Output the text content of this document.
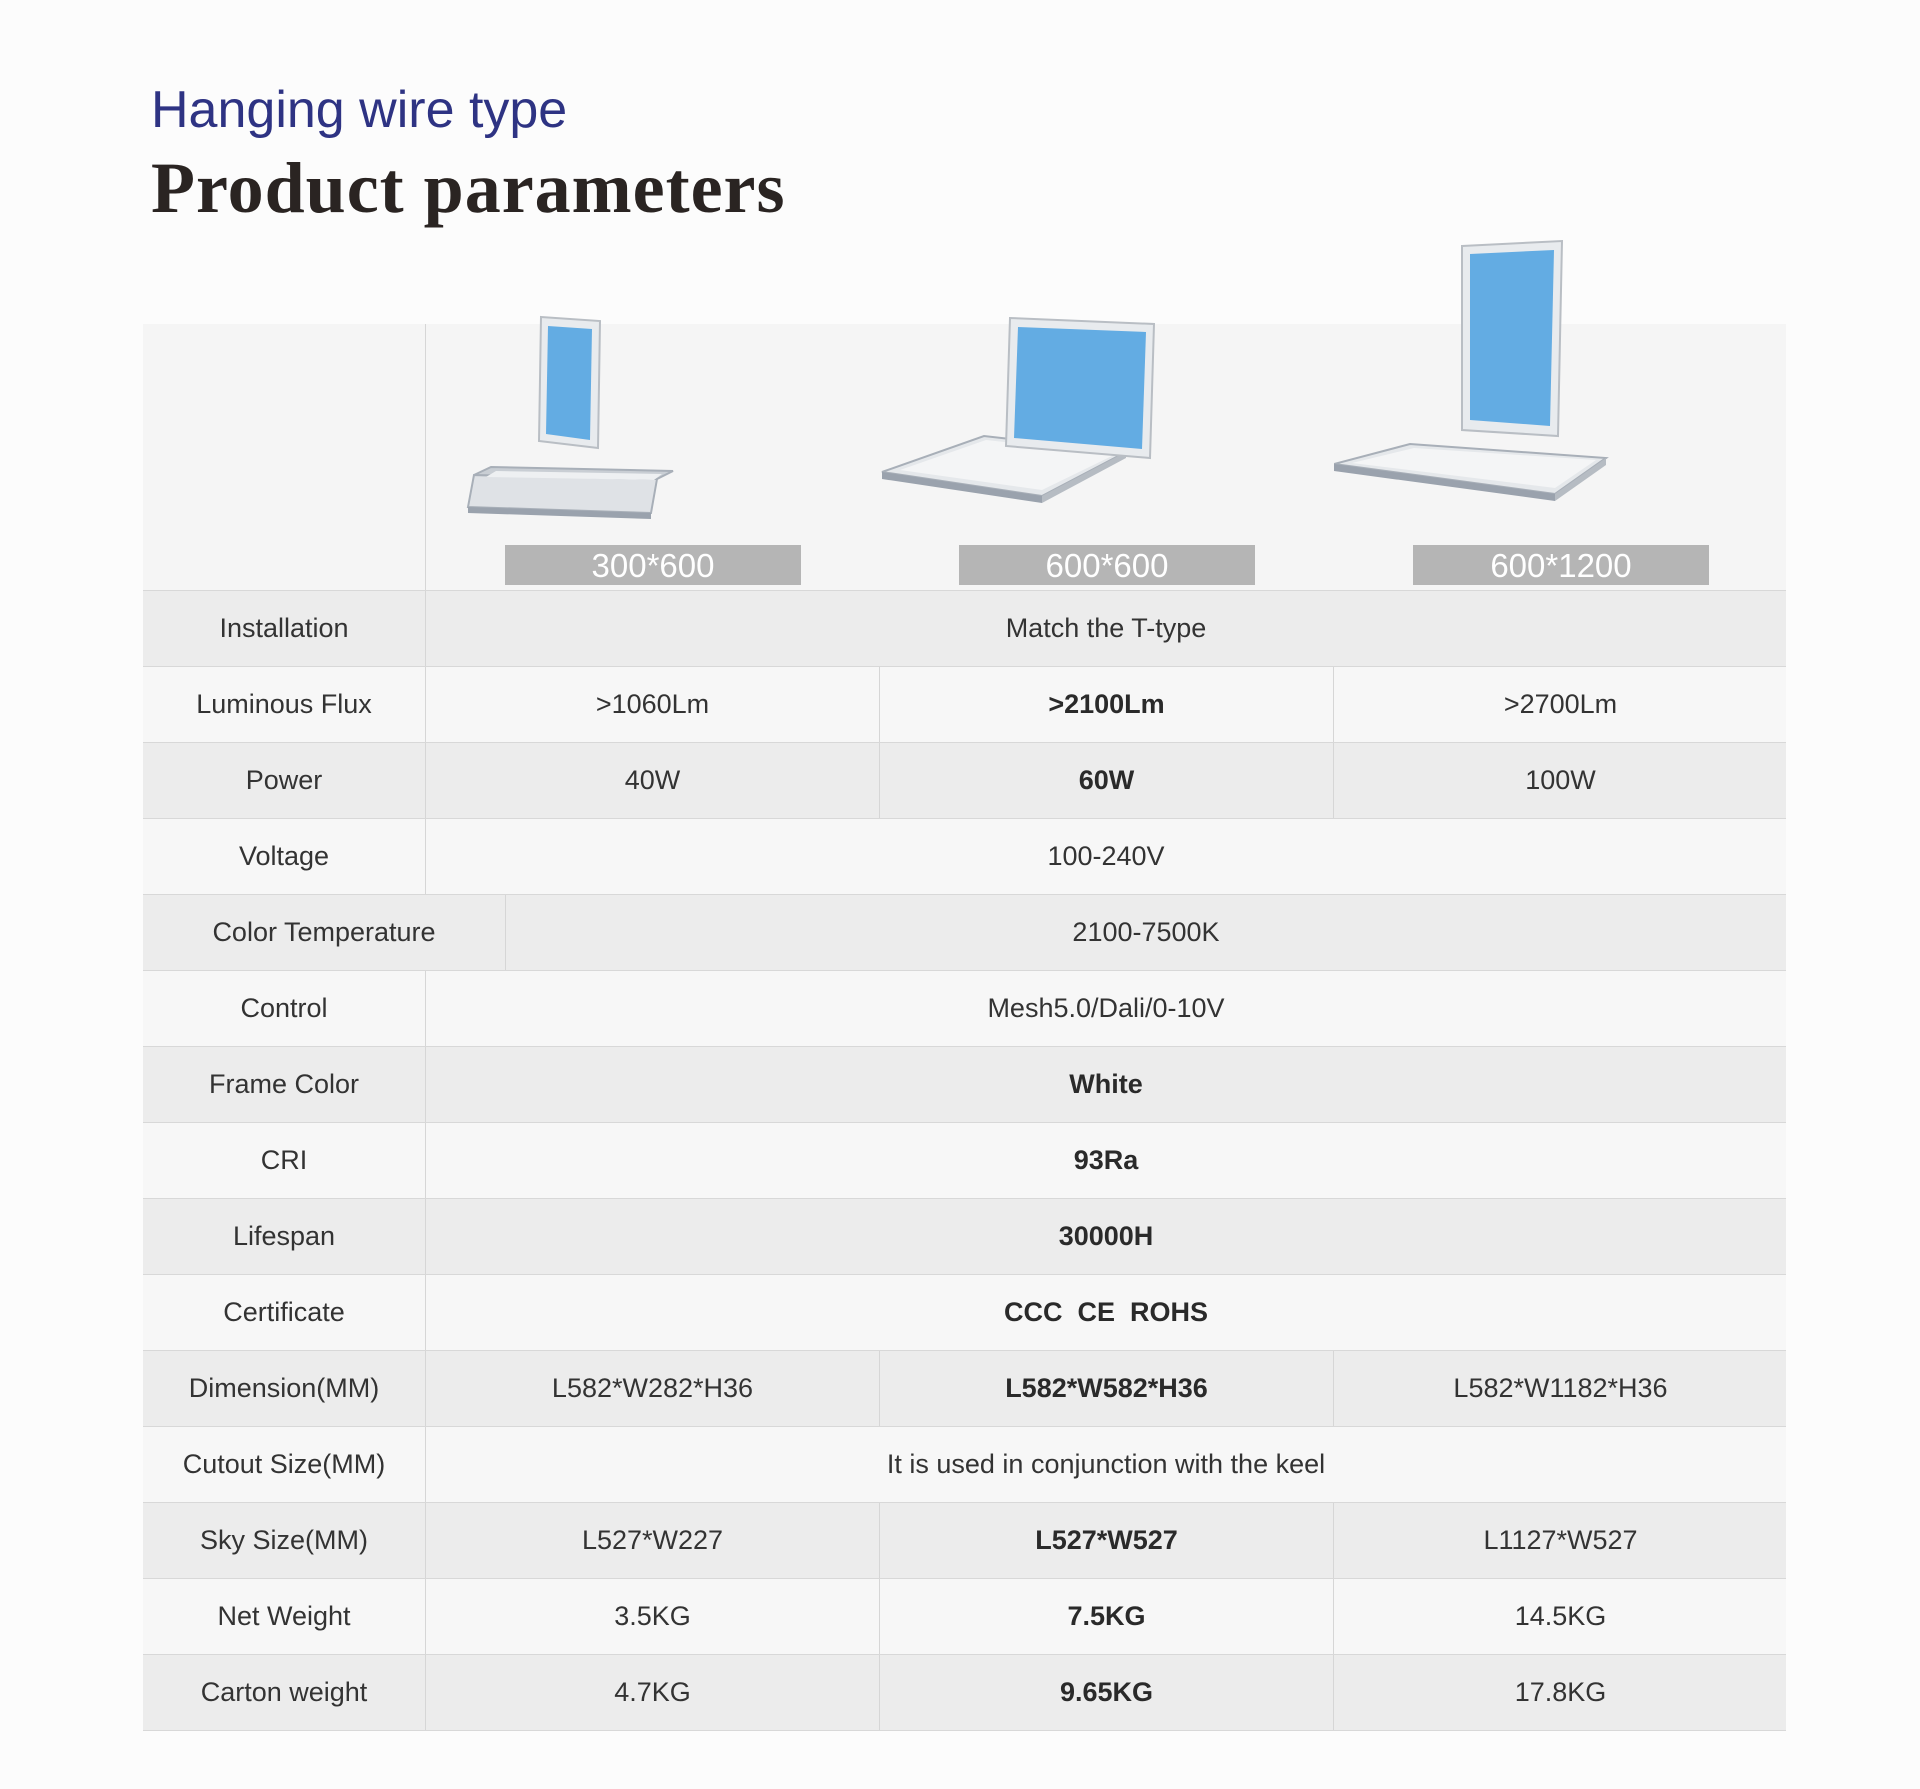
Hanging wire type
Product parameters
300*600	600*600	600*1200
Installation	Match the T-type
Luminous Flux	>1060Lm	>2100Lm	>2700Lm
Power	40W	60W	100W
Voltage	100-240V
Color Temperature	2100-7500K
Control	Mesh5.0/Dali/0-10V
Frame Color	White
CRI	93Ra
Lifespan	30000H
Certificate	CCC  CE  ROHS
Dimension(MM)	L582*W282*H36	L582*W582*H36	L582*W1182*H36
Cutout Size(MM)	It is used in conjunction with the keel
Sky Size(MM)	L527*W227	L527*W527	L1127*W527
Net Weight	3.5KG	7.5KG	14.5KG
Carton weight	4.7KG	9.65KG	17.8KG
